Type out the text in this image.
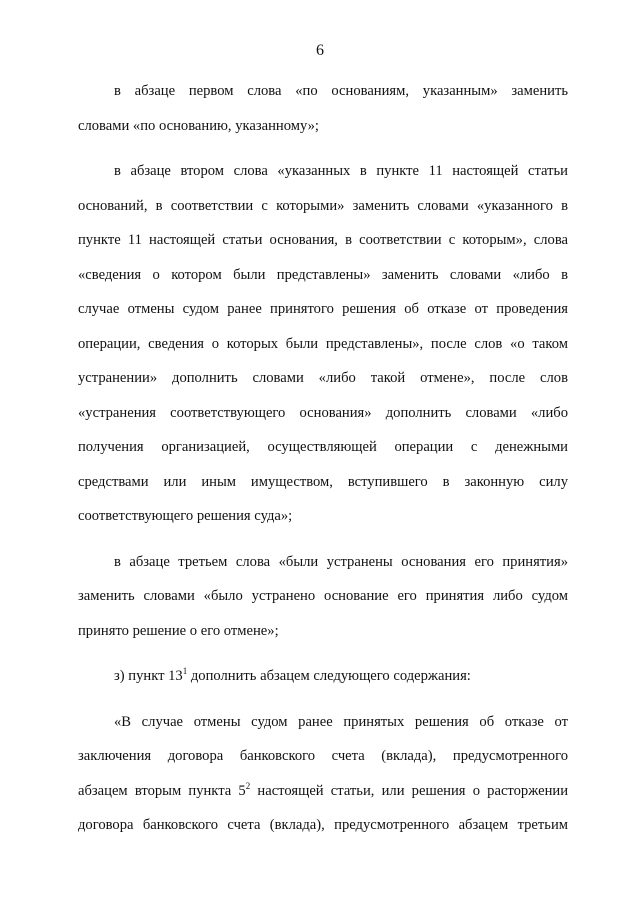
6
в абзаце первом слова «по основаниям, указанным» заменить
словами «по основанию, указанному»;
в абзаце втором слова «указанных в пункте 11 настоящей статьи
оснований, в соответствии с которыми» заменить словами «указанного в
пункте 11 настоящей статьи основания, в соответствии с которым», слова
«сведения о котором были представлены» заменить словами «либо в
случае отмены судом ранее принятого решения об отказе от проведения
операции, сведения о которых были представлены», после слов «о таком
устранении» дополнить словами «либо такой отмене», после слов
«устранения соответствующего основания» дополнить словами «либо
получения организацией, осуществляющей операции с денежными
средствами или иным имуществом, вступившего в законную силу
соответствующего решения суда»;
в абзаце третьем слова «были устранены основания его принятия»
заменить словами «было устранено основание его принятия либо судом
принято решение о его отмене»;
з) пункт $13^1$ дополнить абзацем следующего содержания:
«В случае отмены судом ранее принятых решения об отказе от
заключения договора банковского счета (вклада), предусмотренного
абзацем вторым пункта $5^2$ настоящей статьи, или решения о расторжении
договора банковского счета (вклада), предусмотренного абзацем третьим
